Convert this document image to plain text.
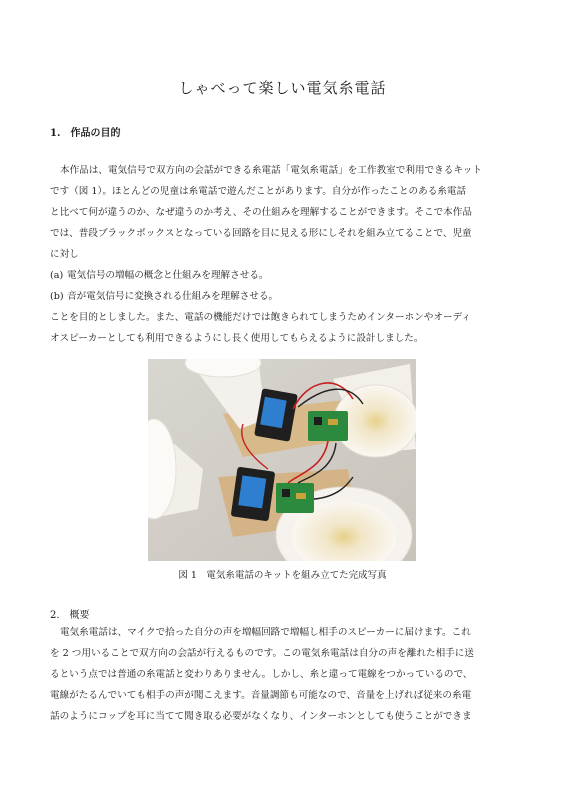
しゃべって楽しい電気糸電話
1.　作品の目的
本作品は、電気信号で双方向の会話ができる糸電話「電気糸電話」を工作教室で利用できるキット
です（図 1）。ほとんどの児童は糸電話で遊んだことがあります。自分が作ったことのある糸電話
と比べて何が違うのか、なぜ違うのか考え、その仕組みを理解することができます。そこで本作品
では、普段ブラックボックスとなっている回路を目に見える形にしそれを組み立てることで、児童
に対し
(a) 電気信号の増幅の概念と仕組みを理解させる。
(b) 音が電気信号に変換される仕組みを理解させる。
ことを目的としました。また、電話の機能だけでは飽きられてしまうためインターホンやオーディ
オスピーカーとしても利用できるようにし長く使用してもらえるように設計しました。
図 1　電気糸電話のキットを組み立てた完成写真
2.　概要
電気糸電話は、マイクで拾った自分の声を増幅回路で増幅し相手のスピーカーに届けます。これ
を 2 つ用いることで双方向の会話が行えるものです。この電気糸電話は自分の声を離れた相手に送
るという点では普通の糸電話と変わりありません。しかし、糸と違って電線をつかっているので、
電線がたるんでいても相手の声が聞こえます。音量調節も可能なので、音量を上げれば従来の糸電
話のようにコップを耳に当てて聞き取る必要がなくなり、インターホンとしても使うことができま
